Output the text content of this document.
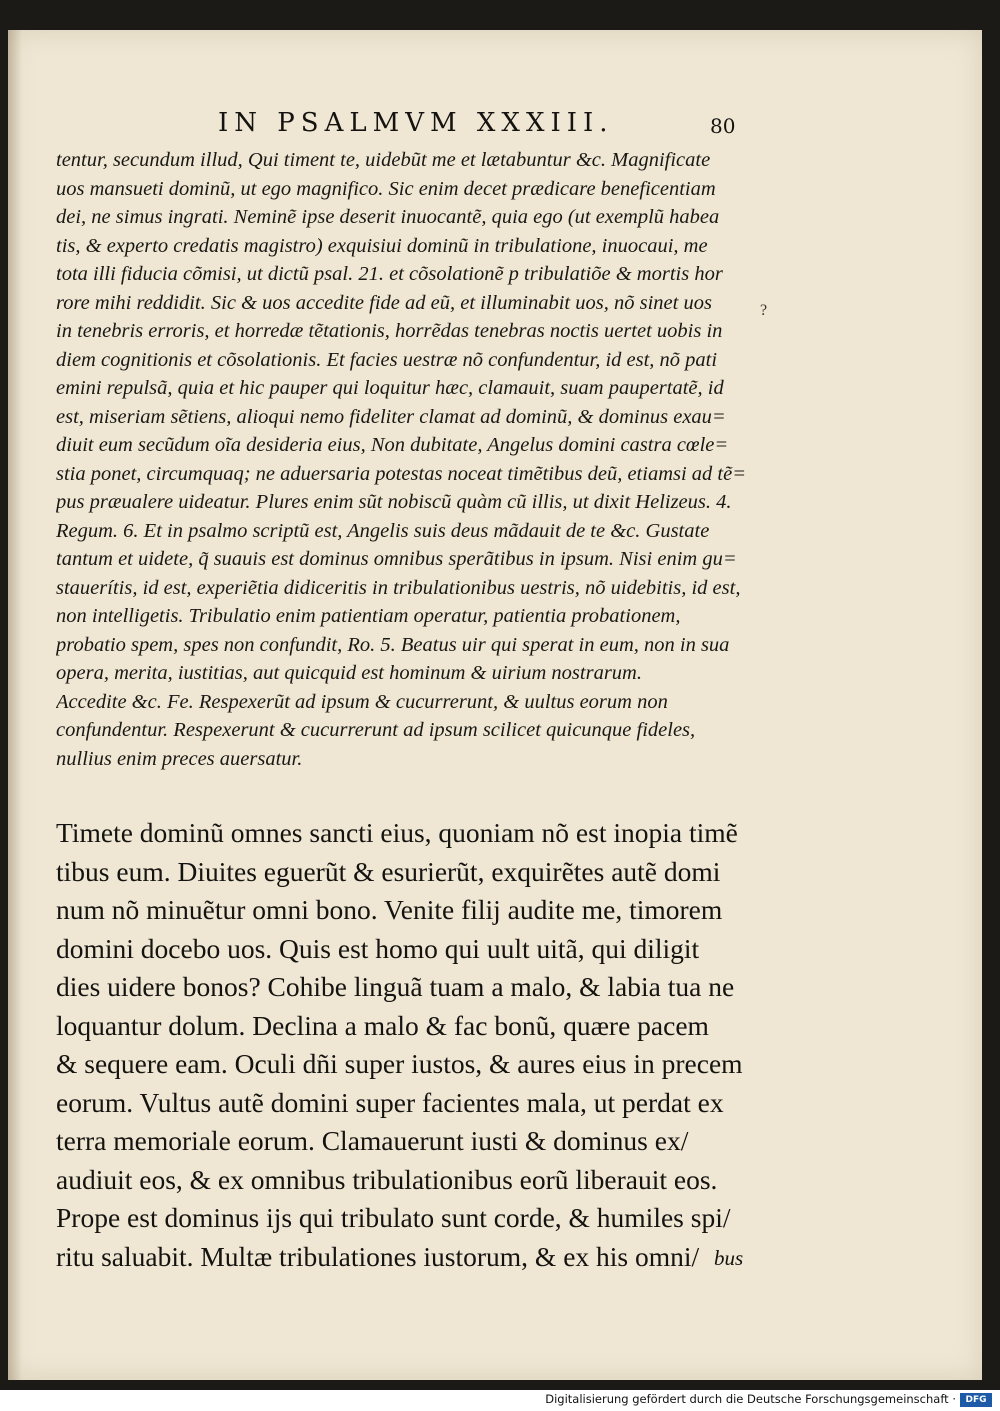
IN PSALMVM XXXIII.	80
?
tentur, secundum illud, Qui timent te, uidebũt me et lætabuntur &c. Magnificate
uos mansueti dominũ, ut ego magnifico. Sic enim decet prædicare beneficentiam
dei, ne simus ingrati. Neminẽ ipse deserit inuocantẽ, quia ego (ut exemplũ habea
tis, & experto credatis magistro) exquisiui dominũ in tribulatione, inuocaui, me
tota illi fiducia cõmisi, ut dictũ psal. 21. et cõsolationẽ p tribulatiõe & mortis hor
rore mihi reddidit. Sic & uos accedite fide ad eũ, et illuminabit uos, nõ sinet uos
in tenebris erroris, et horredæ tẽtationis, horrẽdas tenebras noctis uertet uobis in
diem cognitionis et cõsolationis. Et facies uestræ nõ confundentur, id est, nõ pati
emini repulsã, quia et hic pauper qui loquitur hæc, clamauit, suam paupertatẽ, id
est, miseriam sẽtiens, alioqui nemo fideliter clamat ad dominũ, & dominus exau=
diuit eum secũdum oĩa desideria eius, Non dubitate, Angelus domini castra cœle=
stia ponet, circumquaq; ne aduersaria potestas noceat timẽtibus deũ, etiamsi ad tẽ=
pus præualere uideatur. Plures enim sũt nobiscũ quàm cũ illis, ut dixit Helizeus. 4.
Regum. 6. Et in psalmo scriptũ est, Angelis suis deus mãdauit de te &c. Gustate
tantum et uidete, q̃ suauis est dominus omnibus sperãtibus in ipsum. Nisi enim gu=
stauerítis, id est, experiẽtia didiceritis in tribulationibus uestris, nõ uidebitis, id est,
non intelligetis. Tribulatio enim patientiam operatur, patientia probationem,
probatio spem, spes non confundit, Ro. 5. Beatus uir qui sperat in eum, non in sua
opera, merita, iustitias, aut quicquid est hominum & uirium nostrarum.
Accedite &c. Fe. Respexerũt ad ipsum & cucurrerunt, & uultus eorum non
confundentur. Respexerunt & cucurrerunt ad ipsum scilicet quicunque fideles,
nullius enim preces auersatur.
Timete dominũ omnes sancti eius, quoniam nõ est inopia timẽ
tibus eum. Diuites eguerũt & esurierũt, exquirẽtes autẽ domi
num nõ minuẽtur omni bono. Venite filij audite me, timorem
domini docebo uos. Quis est homo qui uult uitã, qui diligit
dies uidere bonos? Cohibe linguã tuam a malo, & labia tua ne
loquantur dolum. Declina a malo & fac bonũ, quære pacem
& sequere eam. Oculi dñi super iustos, & aures eius in precem
eorum. Vultus autẽ domini super facientes mala, ut perdat ex
terra memoriale eorum. Clamauerunt iusti & dominus ex/
audiuit eos, & ex omnibus tribulationibus eorũ liberauit eos.
Prope est dominus ijs qui tribulato sunt corde, & humiles spi/
ritu saluabit. Multæ tribulationes iustorum, & ex his omni/ bus
Digitalisierung gefördert durch die Deutsche Forschungsgemeinschaft ·	DFG
